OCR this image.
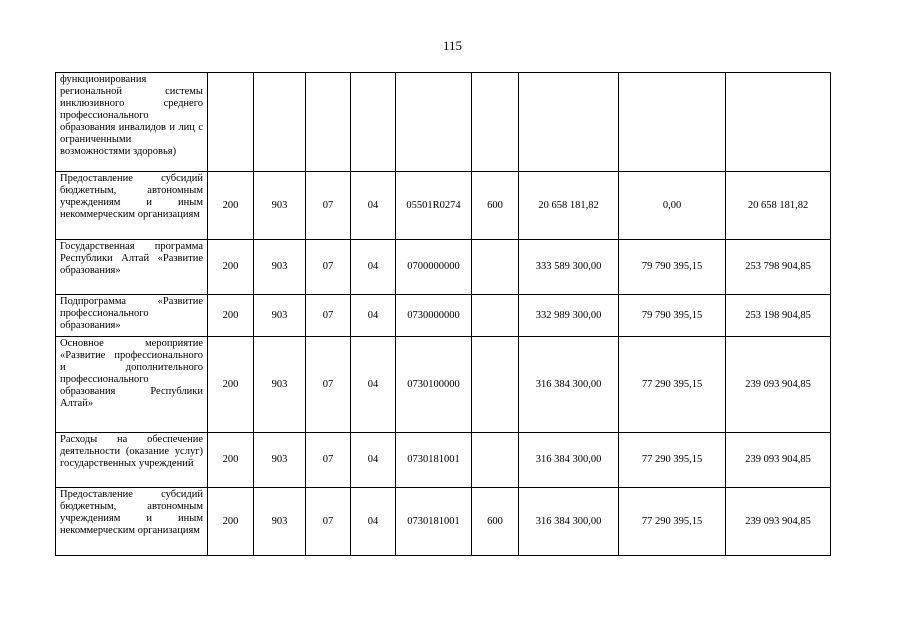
115
функционирования региональной системы инклюзивного среднего профессионального образования инвалидов и лиц с ограниченными возможностями здоровья)									
Предоставление субсидий бюджетным, автономным учреждениям и иным некоммерческим организациям	200	903	07	04	05501R0274	600	20 658 181,82	0,00	20 658 181,82
Государственная программа Республики Алтай «Развитие образования»	200	903	07	04	0700000000		333 589 300,00	79 790 395,15	253 798 904,85
Подпрограмма «Развитие профессионального образования»	200	903	07	04	0730000000		332 989 300,00	79 790 395,15	253 198 904,85
Основное мероприятие «Развитие профессионального и дополнительного профессионального образования Республики Алтай»	200	903	07	04	0730100000		316 384 300,00	77 290 395,15	239 093 904,85
Расходы на обеспечение деятельности (оказание услуг) государственных учреждений	200	903	07	04	0730181001		316 384 300,00	77 290 395,15	239 093 904,85
Предоставление субсидий бюджетным, автономным учреждениям и иным некоммерческим организациям	200	903	07	04	0730181001	600	316 384 300,00	77 290 395,15	239 093 904,85
